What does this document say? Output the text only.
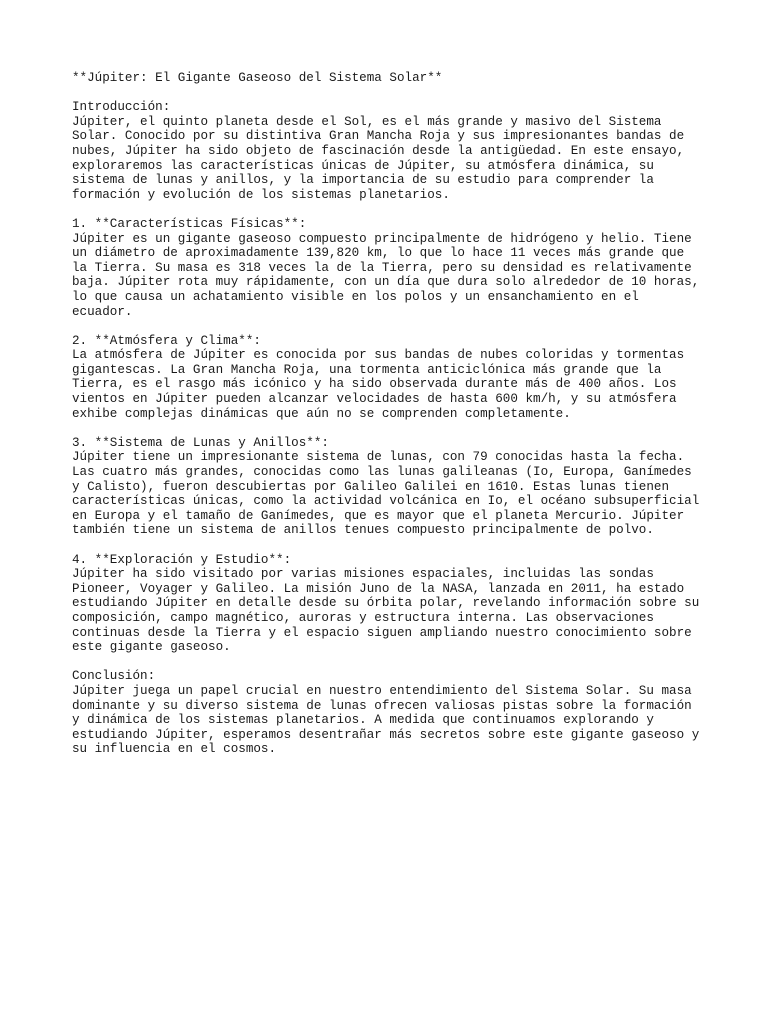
**Júpiter: El Gigante Gaseoso del Sistema Solar**
Introducción:
Júpiter, el quinto planeta desde el Sol, es el más grande y masivo del Sistema
Solar. Conocido por su distintiva Gran Mancha Roja y sus impresionantes bandas de
nubes, Júpiter ha sido objeto de fascinación desde la antigüedad. En este ensayo,
exploraremos las características únicas de Júpiter, su atmósfera dinámica, su
sistema de lunas y anillos, y la importancia de su estudio para comprender la
formación y evolución de los sistemas planetarios.
1. **Características Físicas**:
Júpiter es un gigante gaseoso compuesto principalmente de hidrógeno y helio. Tiene
un diámetro de aproximadamente 139,820 km, lo que lo hace 11 veces más grande que
la Tierra. Su masa es 318 veces la de la Tierra, pero su densidad es relativamente
baja. Júpiter rota muy rápidamente, con un día que dura solo alrededor de 10 horas,
lo que causa un achatamiento visible en los polos y un ensanchamiento en el
ecuador.
2. **Atmósfera y Clima**:
La atmósfera de Júpiter es conocida por sus bandas de nubes coloridas y tormentas
gigantescas. La Gran Mancha Roja, una tormenta anticiclónica más grande que la
Tierra, es el rasgo más icónico y ha sido observada durante más de 400 años. Los
vientos en Júpiter pueden alcanzar velocidades de hasta 600 km/h, y su atmósfera
exhibe complejas dinámicas que aún no se comprenden completamente.
3. **Sistema de Lunas y Anillos**:
Júpiter tiene un impresionante sistema de lunas, con 79 conocidas hasta la fecha.
Las cuatro más grandes, conocidas como las lunas galileanas (Io, Europa, Ganímedes
y Calisto), fueron descubiertas por Galileo Galilei en 1610. Estas lunas tienen
características únicas, como la actividad volcánica en Io, el océano subsuperficial
en Europa y el tamaño de Ganímedes, que es mayor que el planeta Mercurio. Júpiter
también tiene un sistema de anillos tenues compuesto principalmente de polvo.
4. **Exploración y Estudio**:
Júpiter ha sido visitado por varias misiones espaciales, incluidas las sondas
Pioneer, Voyager y Galileo. La misión Juno de la NASA, lanzada en 2011, ha estado
estudiando Júpiter en detalle desde su órbita polar, revelando información sobre su
composición, campo magnético, auroras y estructura interna. Las observaciones
continuas desde la Tierra y el espacio siguen ampliando nuestro conocimiento sobre
este gigante gaseoso.
Conclusión:
Júpiter juega un papel crucial en nuestro entendimiento del Sistema Solar. Su masa
dominante y su diverso sistema de lunas ofrecen valiosas pistas sobre la formación
y dinámica de los sistemas planetarios. A medida que continuamos explorando y
estudiando Júpiter, esperamos desentrañar más secretos sobre este gigante gaseoso y
su influencia en el cosmos.
